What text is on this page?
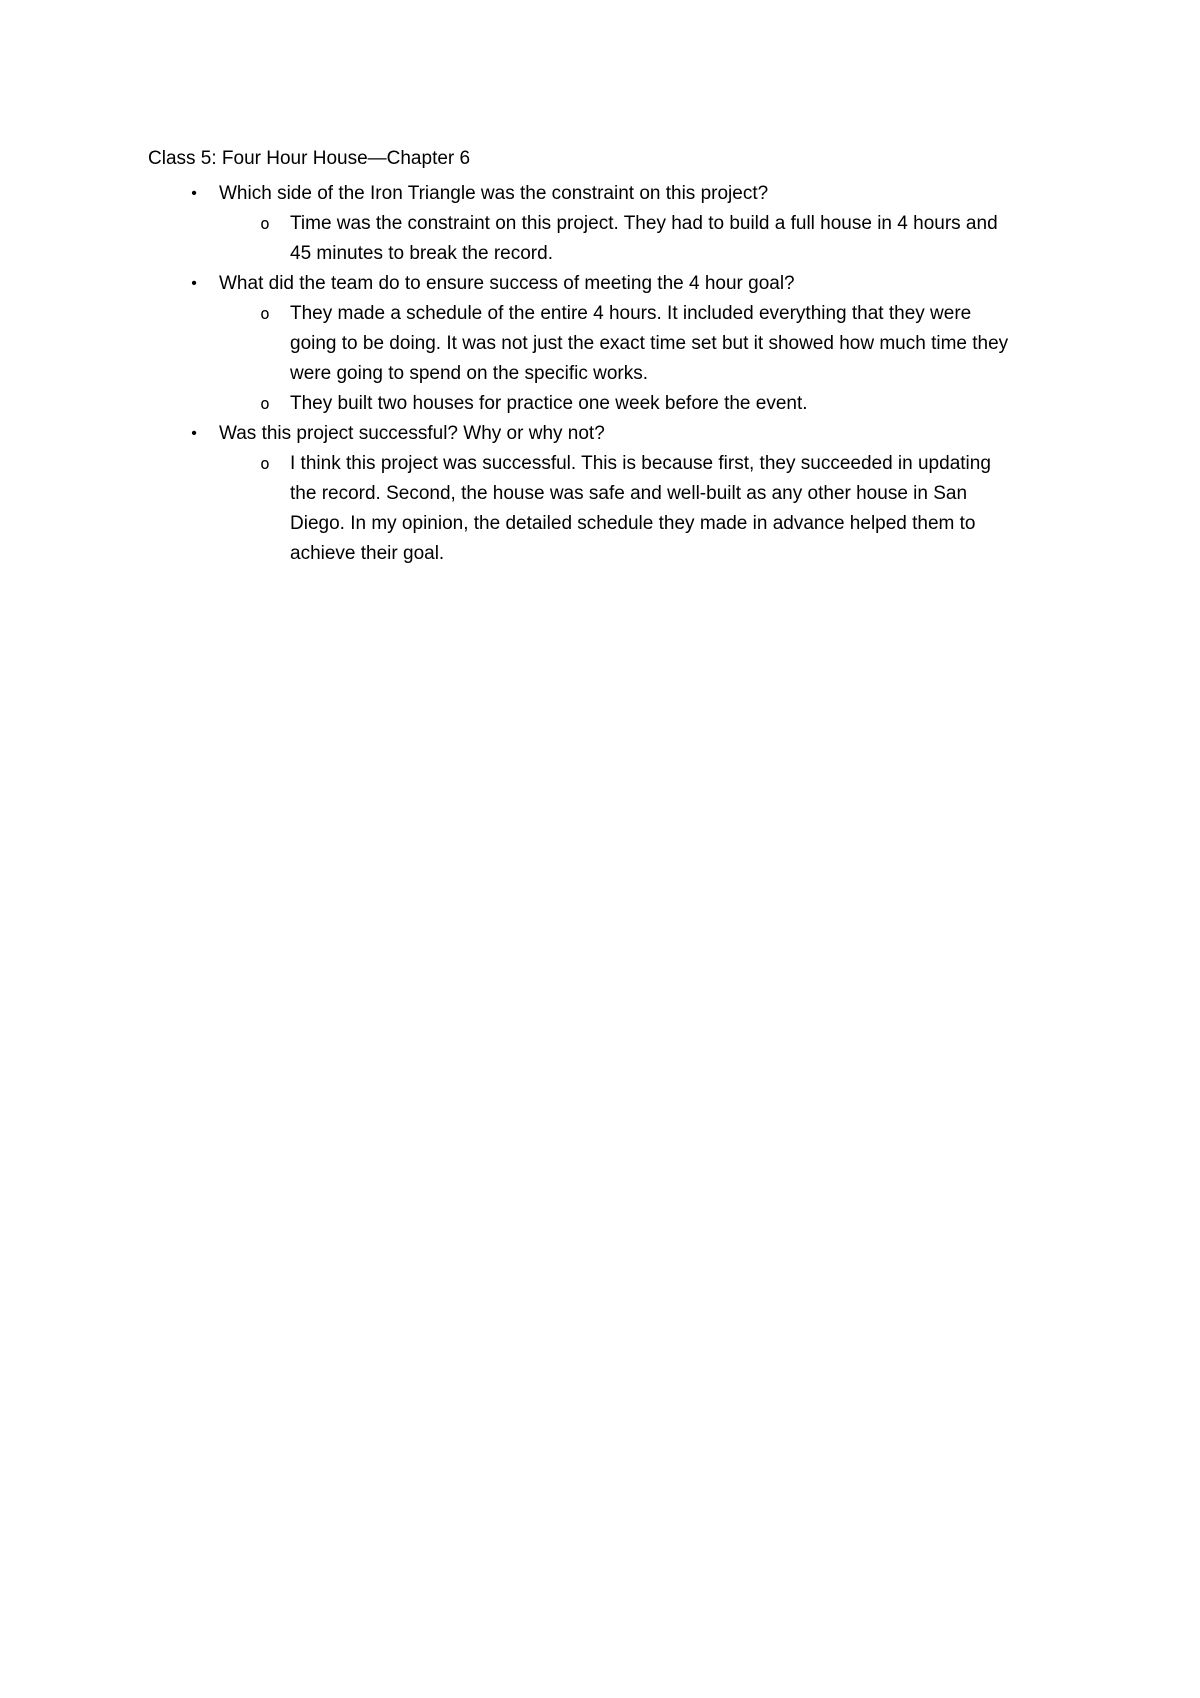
Class 5: Four Hour House—Chapter 6

•	Which side of the Iron Triangle was the constraint on this project?
o Time was the constraint on this project. They had to build a full house in 4 hours and 45 minutes to break the record.
•	What did the team do to ensure success of meeting the 4 hour goal?
o They made a schedule of the entire 4 hours. It included everything that they were going to be doing. It was not just the exact time set but it showed how much time they were going to spend on the specific works.
o They built two houses for practice one week before the event.
•	Was this project successful? Why or why not?
o I think this project was successful. This is because first, they succeeded in updating the record. Second, the house was safe and well-built as any other house in San Diego. In my opinion, the detailed schedule they made in advance helped them to achieve their goal.
